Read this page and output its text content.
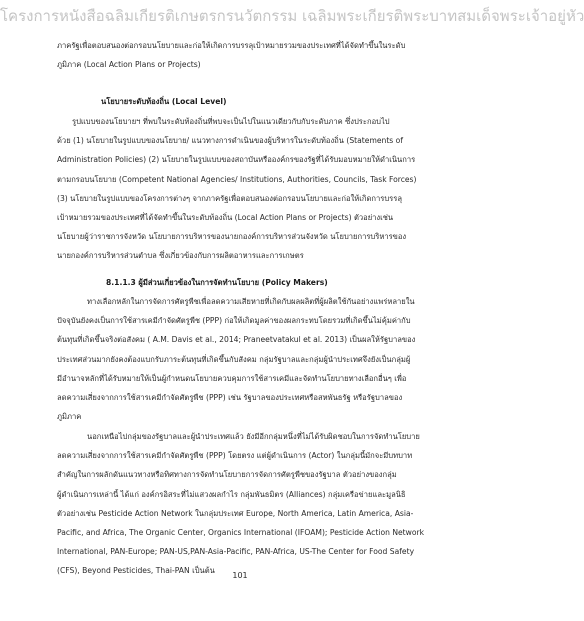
โครงการหนังสือฉลิมเกียรติเกษตรกรนวัตกรรม เฉลิมพระเกียรติพระบาทสมเด็จพระเจ้าอยู่หัว
ภาครัฐเพื่อตอบสนองต่อกรอบนโยบายและก่อให้เกิดการบรรลุเป้าหมายรวมของประเทศที่ได้จัดทำขึ้นในระดับ
ภูมิภาค (Local Action Plans or Projects)
นโยบายระดับท้องถิ่น (Local Level)
รูปแบบของนโยบายฯ ที่พบในระดับท้องถิ่นที่พบจะเป็นไปในแนวเดียวกับกับระดับภาค ซึ่งประกอบไป
ด้วย (1) นโยบายในรูปแบบของนโยบาย/ แนวทางการดำเนินของผู้บริหารในระดับท้องถิ่น (Statements of
Administration Policies) (2) นโยบายในรูปแบบของสถาบันหรือองค์กรของรัฐที่ได้รับมอบหมายให้ดำเนินการ
ตามกรอบนโยบาย (Competent National Agencies/ Institutions, Authorities, Councils, Task Forces)
(3) นโยบายในรูปแบบของโครงการต่างๆ จากภาครัฐเพื่อตอบสนองต่อกรอบนโยบายและก่อให้เกิดการบรรลุ
เป้าหมายรวมของประเทศที่ได้จัดทำขึ้นในระดับท้องถิ่น (Local Action Plans or Projects) ตัวอย่างเช่น
นโยบายผู้ว่าราชการจังหวัด นโยบายการบริหารของนายกองค์การบริหารส่วนจังหวัด นโยบายการบริหารของ
นายกองค์การบริหารส่วนตำบล ซึ่งเกี่ยวข้องกับการผลิตอาหารและการเกษตร
8.1.1.3 ผู้มีส่วนเกี่ยวข้องในการจัดทำนโยบาย (Policy Makers)
ทางเลือกหลักในการจัดการศัตรูพืชเพื่อลดความเสียหายที่เกิดกับผลผลิตที่ผู้ผลิตใช้กันอย่างแพร่หลายใน
ปัจจุบันยังคงเป็นการใช้สารเคมีกำจัดศัตรูพืช (PPP) ก่อให้เกิดมูลค่าของผลกระทบโดยรวมที่เกิดขึ้นไม่คุ้มค่ากับ
ต้นทุนที่เกิดขึ้นจริงต่อสังคม ( A.M. Davis et al., 2014; Praneetvatakul et al. 2013) เป็นผลให้รัฐบาลของ
ประเทศส่วนมากยังคงต้องแบกรับภาระต้นทุนที่เกิดขึ้นกับสังคม กลุ่มรัฐบาลและกลุ่มผู้นำประเทศจึงยังเป็นกลุ่มผู้
มีอำนาจหลักที่ได้รับหมายให้เป็นผู้กำหนดนโยบายควบคุมการใช้สารเคมีและจัดทำนโยบายทางเลือกอื่นๆ เพื่อ
ลดความเสี่ยงจากการใช้สารเคมีกำจัดศัตรูพืช (PPP) เช่น รัฐบาลของประเทศหรือสหพันธรัฐ หรือรัฐบาลของ
ภูมิภาค
นอกเหนือไปกลุ่มของรัฐบาลและผู้นำประเทศแล้ว ยังมีอีกกลุ่มหนึ่งที่ไม่ได้รับผิดชอบในการจัดทำนโยบาย
ลดความเสี่ยงจากการใช้สารเคมีกำจัดศัตรูพืช (PPP) โดยตรง แต่ผู้ดำเนินการ (Actor) ในกลุ่มนี้มักจะมีบทบาท
สำคัญในการผลักดันแนวทางหรือทิศทางการจัดทำนโยบายการจัดการศัตรูพืชของรัฐบาล ตัวอย่างของกลุ่ม
ผู้ดำเนินการเหล่านี้ ได้แก่ องค์กรอิสระที่ไม่แสวงผลกำไร กลุ่มพันธมิตร (Alliances) กลุ่มเครือข่ายและมูลนิธิ
ตัวอย่างเช่น Pesticide Action Network ในกลุ่มประเทศ Europe, North America, Latin America, Asia-
Pacific, and Africa, The Organic Center, Organics International (IFOAM); Pesticide Action Network
International, PAN-Europe; PAN-US,PAN-Asia-Pacific, PAN-Africa, US-The Center for Food Safety
(CFS), Beyond Pesticides, Thai-PAN เป็นต้น
101
